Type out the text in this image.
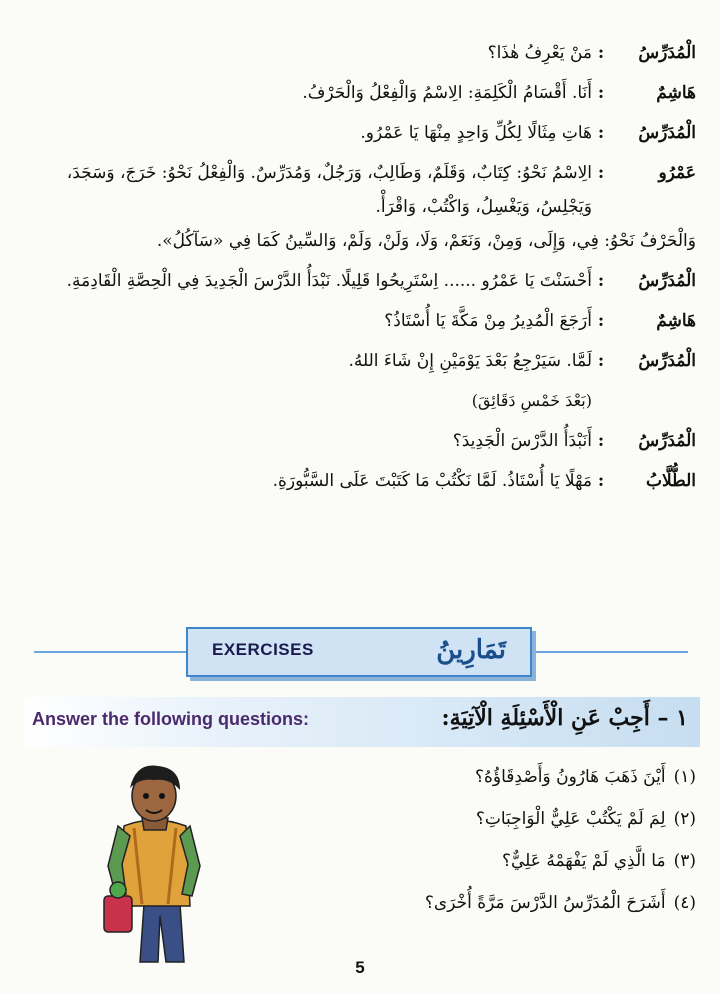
الْمُدَرِّسُ
:
مَنْ يَعْرِفُ هٰذَا؟
هَاشِمٌ
:
أَنَا. أَقْسَامُ الْكَلِمَةِ: الِاسْمُ وَالْفِعْلُ وَالْحَرْفُ.
الْمُدَرِّسُ
:
هَاتِ مِثَالًا لِكُلِّ وَاحِدٍ مِنْهَا يَا عَمْرُو.
عَمْرُو
:
الِاسْمُ نَحْوُ: كِتَابٌ، وَقَلَمٌ، وَطَالِبٌ، وَرَجُلٌ، وَمُدَرِّسٌ. وَالْفِعْلُ نَحْوُ: خَرَجَ، وَسَجَدَ،
وَيَجْلِسُ، وَيَغْسِلُ، وَاكْتُبْ، وَاقْرَأْ.
وَالْحَرْفُ نَحْوُ: فِي، وَإِلَى، وَمِنْ، وَنَعَمْ، وَلَا، وَلَنْ، وَلَمْ، وَالسِّينُ كَمَا فِي «سَآكُلُ».
الْمُدَرِّسُ
:
أَحْسَنْتَ يَا عَمْرُو ...... اِسْتَرِيحُوا قَلِيلًا. نَبْدَأُ الدَّرْسَ الْجَدِيدَ فِي الْحِصَّةِ الْقَادِمَةِ.
هَاشِمٌ
:
أَرَجَعَ الْمُدِيرُ مِنْ مَكَّةَ يَا أُسْتَاذُ؟
الْمُدَرِّسُ
:
لَمَّا. سَيَرْجِعُ بَعْدَ يَوْمَيْنِ إِنْ شَاءَ اللهُ.
(بَعْدَ خَمْسِ دَقَائِقَ)
الْمُدَرِّسُ
:
أَنَبْدَأُ الدَّرْسَ الْجَدِيدَ؟
الطُّلَّابُ
:
مَهْلًا يَا أُسْتَاذُ. لَمَّا نَكْتُبْ مَا كَتَبْتَ عَلَى السَّبُّورَةِ.
EXERCISES	تَمَارِينُ
Answer the following questions:	١ – أَجِبْ عَنِ الْأَسْئِلَةِ الْآتِيَةِ:
(١)أَيْنَ ذَهَبَ هَارُونُ وَأَصْدِقَاؤُهُ؟
(٢)لِمَ لَمْ يَكْتُبْ عَلِيٌّ الْوَاجِبَاتِ؟
(٣)مَا الَّذِي لَمْ يَفْهَمْهُ عَلِيٌّ؟
(٤)أَشَرَحَ الْمُدَرِّسُ الدَّرْسَ مَرَّةً أُخْرَى؟
5
